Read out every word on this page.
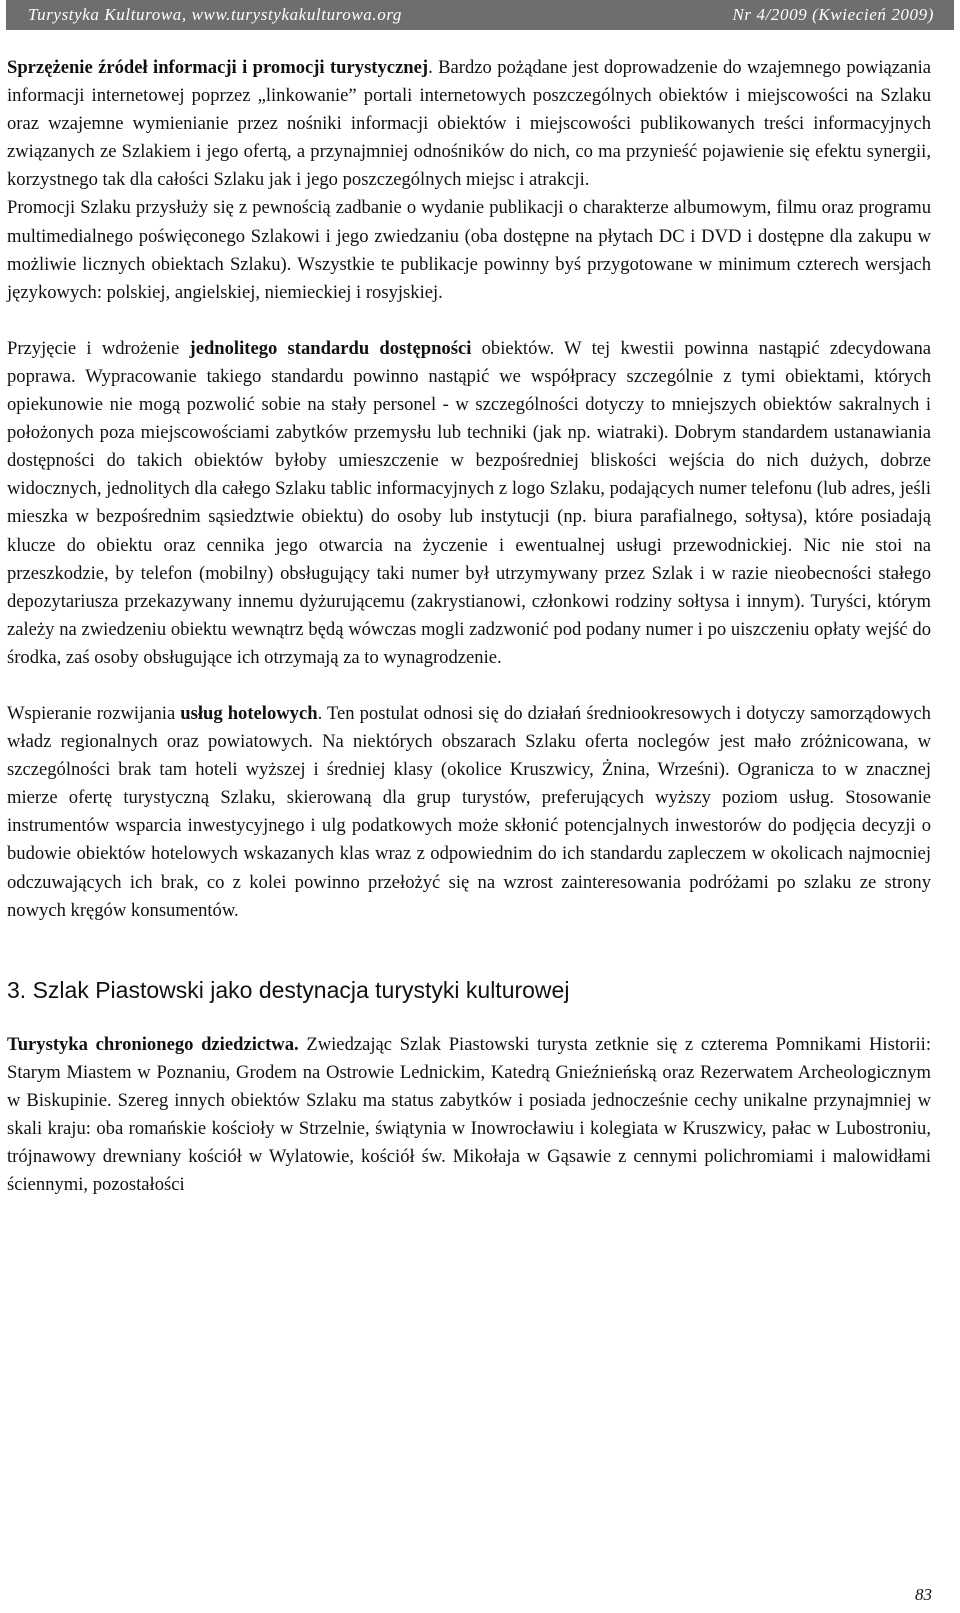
Turystyka Kulturowa, www.turystykakulturowa.org	Nr 4/2009 (Kwiecień 2009)

Sprzężenie źródeł informacji i promocji turystycznej. Bardzo pożądane jest doprowadzenie do wzajemnego powiązania informacji internetowej poprzez „linkowanie” portali internetowych poszczególnych obiektów i miejscowości na Szlaku oraz wzajemne wymienianie przez nośniki informacji obiektów i miejscowości publikowanych treści informacyjnych związanych ze Szlakiem i jego ofertą, a przynajmniej odnośników do nich, co ma przynieść pojawienie się efektu synergii, korzystnego tak dla całości Szlaku jak i jego poszczególnych miejsc i atrakcji.

Promocji Szlaku przysłuży się z pewnością zadbanie o wydanie publikacji o charakterze albumowym, filmu oraz programu multimedialnego poświęconego Szlakowi i jego zwiedzaniu (oba dostępne na płytach DC i DVD i dostępne dla zakupu w możliwie licznych obiektach Szlaku). Wszystkie te publikacje powinny byś przygotowane w minimum czterech wersjach językowych: polskiej, angielskiej, niemieckiej i rosyjskiej.

Przyjęcie i wdrożenie jednolitego standardu dostępności obiektów. W tej kwestii powinna nastąpić zdecydowana poprawa. Wypracowanie takiego standardu powinno nastąpić we współpracy szczególnie z tymi obiektami, których opiekunowie nie mogą pozwolić sobie na stały personel - w szczególności dotyczy to mniejszych obiektów sakralnych i położonych poza miejscowościami zabytków przemysłu lub techniki (jak np. wiatraki). Dobrym standardem ustanawiania dostępności do takich obiektów byłoby umieszczenie w bezpośredniej bliskości wejścia do nich dużych, dobrze widocznych, jednolitych dla całego Szlaku tablic informacyjnych z logo Szlaku, podających numer telefonu (lub adres, jeśli mieszka w bezpośrednim sąsiedztwie obiektu) do osoby lub instytucji (np. biura parafialnego, sołtysa), które posiadają klucze do obiektu oraz cennika jego otwarcia na życzenie i ewentualnej usługi przewodnickiej. Nic nie stoi na przeszkodzie, by telefon (mobilny) obsługujący taki numer był utrzymywany przez Szlak i w razie nieobecności stałego depozytariusza przekazywany innemu dyżurującemu (zakrystianowi, członkowi rodziny sołtysa i innym). Turyści, którym zależy na zwiedzeniu obiektu wewnątrz będą wówczas mogli zadzwonić pod podany numer i po uiszczeniu opłaty wejść do środka, zaś osoby obsługujące ich otrzymają za to wynagrodzenie.

Wspieranie rozwijania usług hotelowych. Ten postulat odnosi się do działań średniookresowych i dotyczy samorządowych władz regionalnych oraz powiatowych. Na niektórych obszarach Szlaku oferta noclegów jest mało zróżnicowana, w szczególności brak tam hoteli wyższej i średniej klasy (okolice Kruszwicy, Żnina, Wrześni). Ogranicza to w znacznej mierze ofertę turystyczną Szlaku, skierowaną dla grup turystów, preferujących wyższy poziom usług. Stosowanie instrumentów wsparcia inwestycyjnego i ulg podatkowych może skłonić potencjalnych inwestorów do podjęcia decyzji o budowie obiektów hotelowych wskazanych klas wraz z odpowiednim do ich standardu zapleczem w okolicach najmocniej odczuwających ich brak, co z kolei powinno przełożyć się na wzrost zainteresowania podróżami po szlaku ze strony nowych kręgów konsumentów.

3. Szlak Piastowski jako destynacja turystyki kulturowej

Turystyka chronionego dziedzictwa. Zwiedzając Szlak Piastowski turysta zetknie się z czterema Pomnikami Historii: Starym Miastem w Poznaniu, Grodem na Ostrowie Lednickim, Katedrą Gnieźnieńską oraz Rezerwatem Archeologicznym w Biskupinie. Szereg innych obiektów Szlaku ma status zabytków i posiada jednocześnie cechy unikalne przynajmniej w skali kraju: oba romańskie kościoły w Strzelnie, świątynia w Inowrocławiu i kolegiata w Kruszwicy, pałac w Lubostroniu, trójnawowy drewniany kościół w Wylatowie, kościół św. Mikołaja w Gąsawie z cennymi polichromiami i malowidłami ściennymi, pozostałości

83
